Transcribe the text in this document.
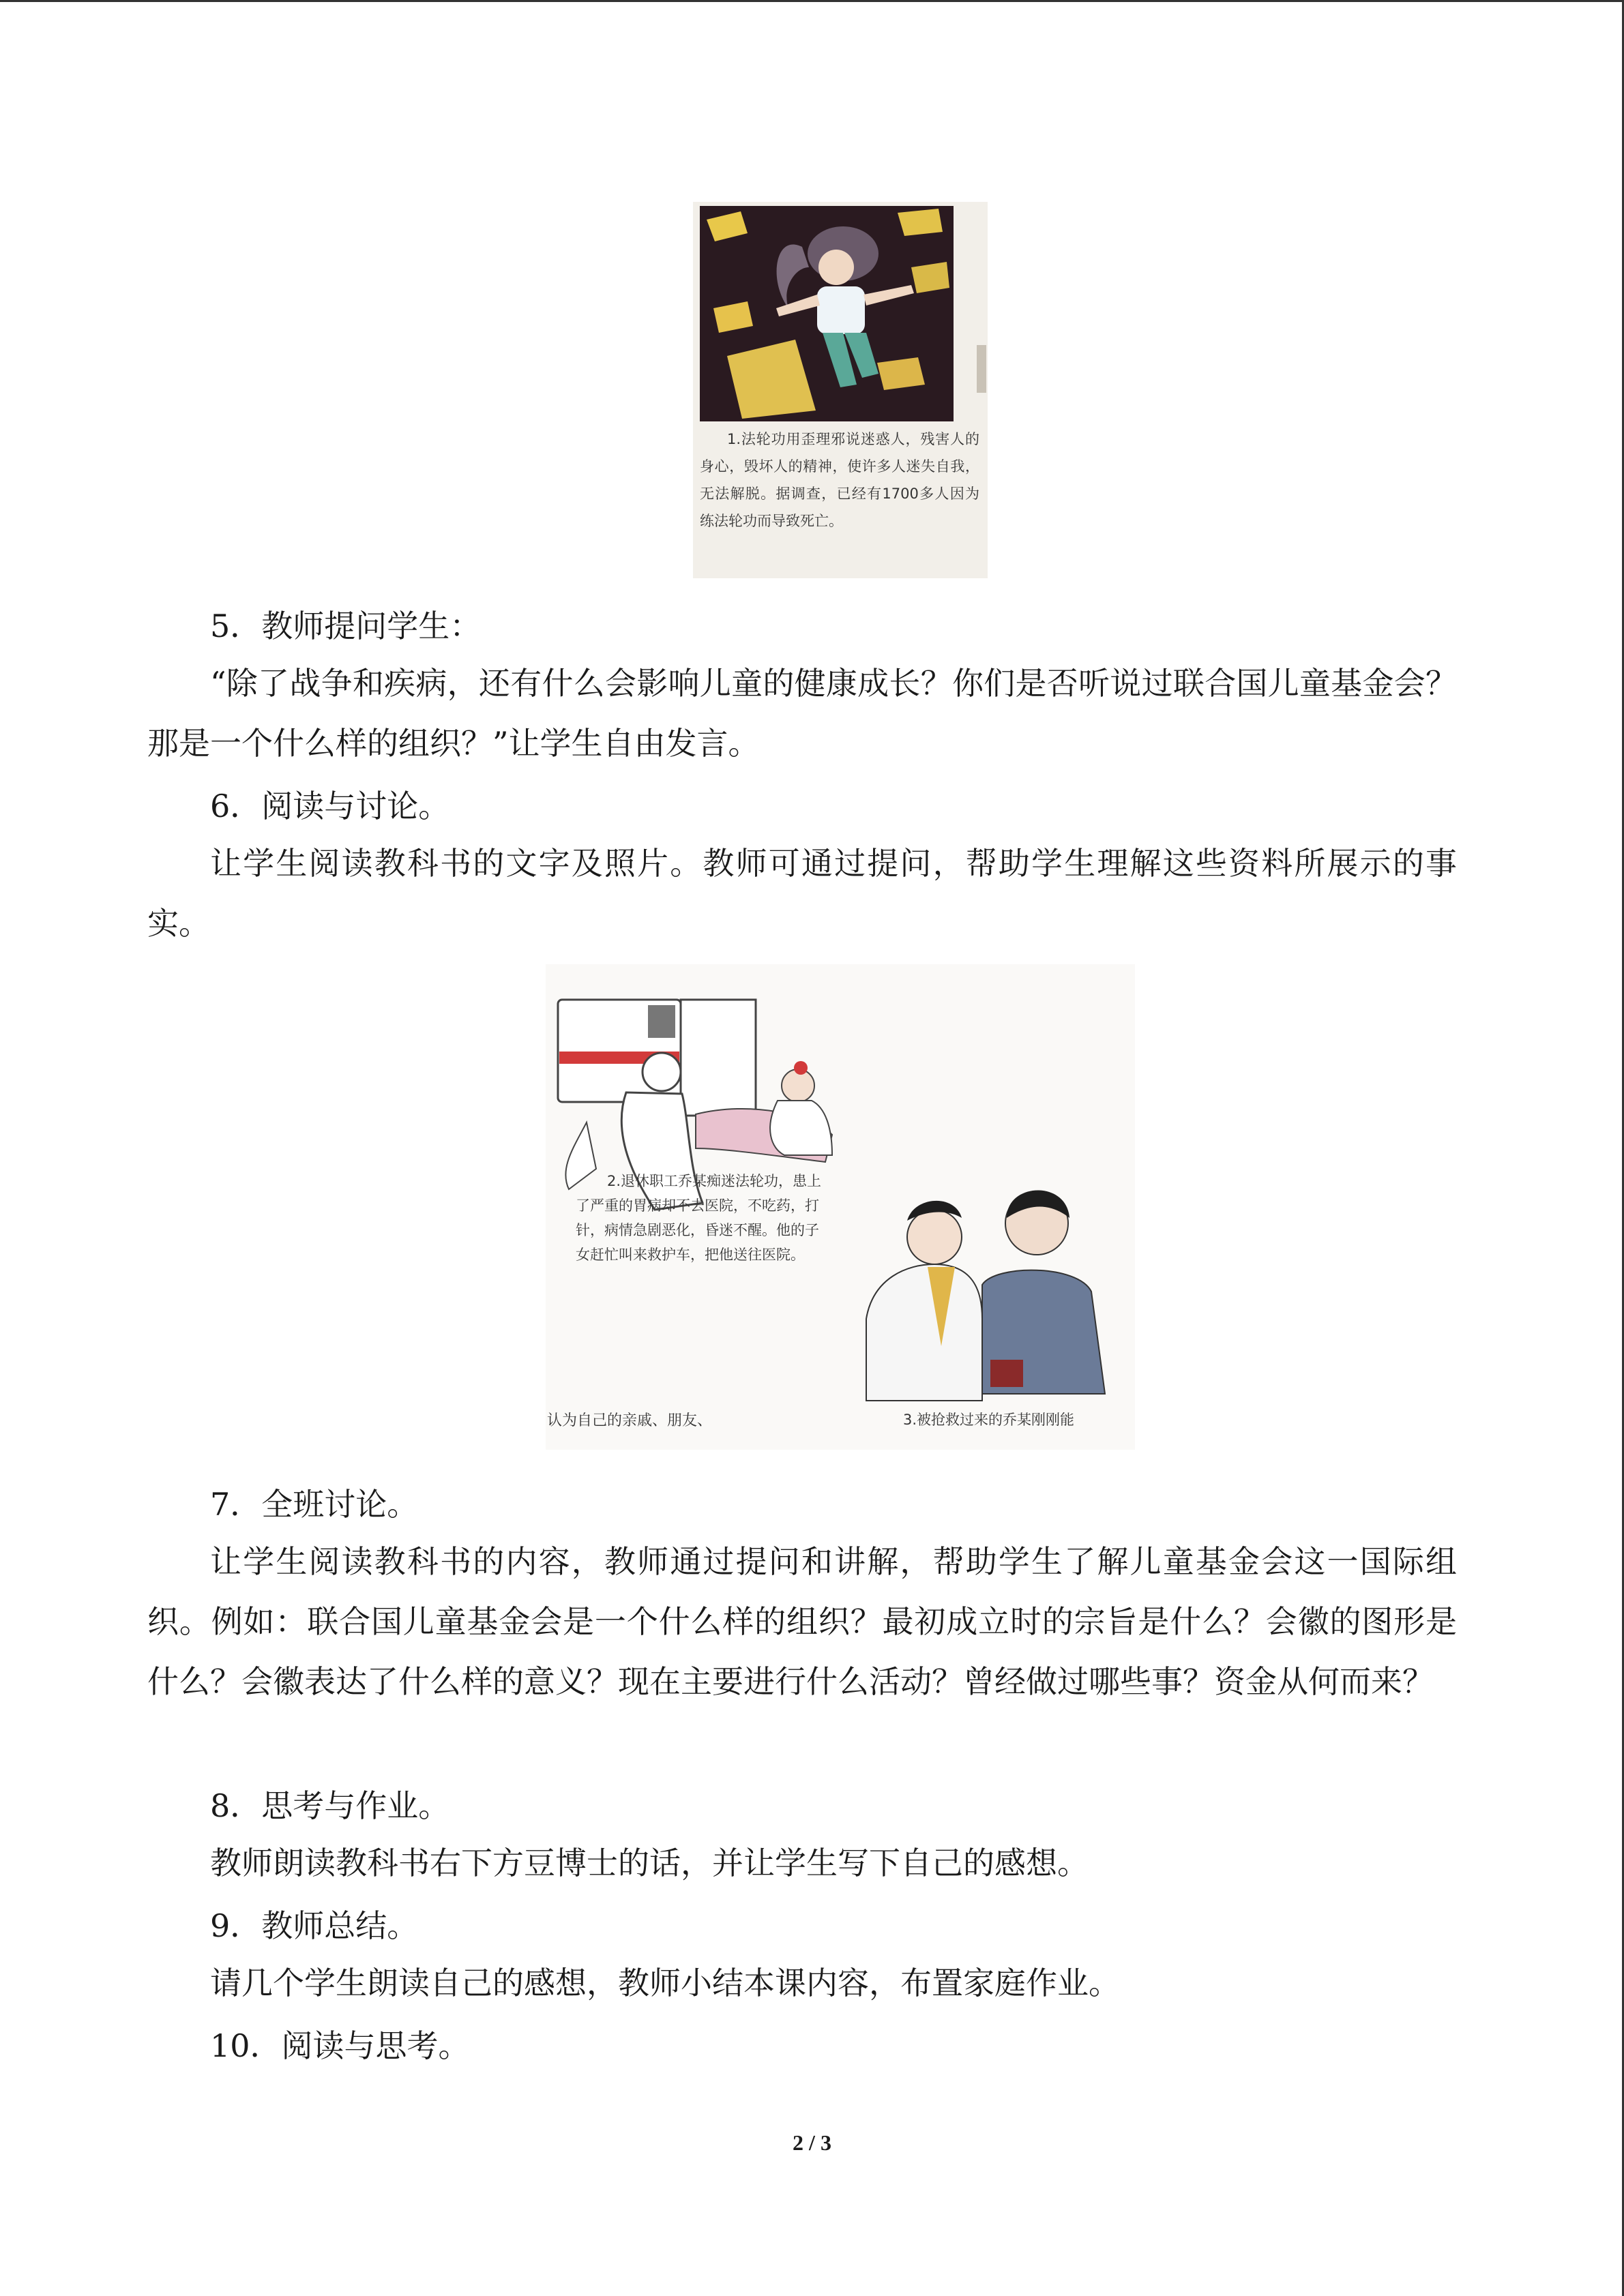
1.法轮功用歪理邪说迷惑人，残害人的身心，毁坏人的精神，使许多人迷失自我，无法解脱。据调查，已经有1700多人因为练法轮功而导致死亡。

5．教师提问学生：

“除了战争和疾病，还有什么会影响儿童的健康成长？你们是否听说过联合国儿童基金会？那是一个什么样的组织？”让学生自由发言。

6．阅读与讨论。

让学生阅读教科书的文字及照片。教师可通过提问，帮助学生理解这些资料所展示的事实。

2.退休职工乔某痴迷法轮功，患上了严重的胃病却不去医院，不吃药，打针，病情急剧恶化，昏迷不醒。他的子女赶忙叫来救护车，把他送往医院。
认为自己的亲戚、朋友、	3.被抢救过来的乔某刚刚能

7．全班讨论。

让学生阅读教科书的内容，教师通过提问和讲解，帮助学生了解儿童基金会这一国际组织。例如：联合国儿童基金会是一个什么样的组织？最初成立时的宗旨是什么？会徽的图形是什么？会徽表达了什么样的意义？现在主要进行什么活动？曾经做过哪些事？资金从何而来？

8．思考与作业。

教师朗读教科书右下方豆博士的话，并让学生写下自己的感想。

9．教师总结。

请几个学生朗读自己的感想，教师小结本课内容，布置家庭作业。

10．阅读与思考。

2 / 3
